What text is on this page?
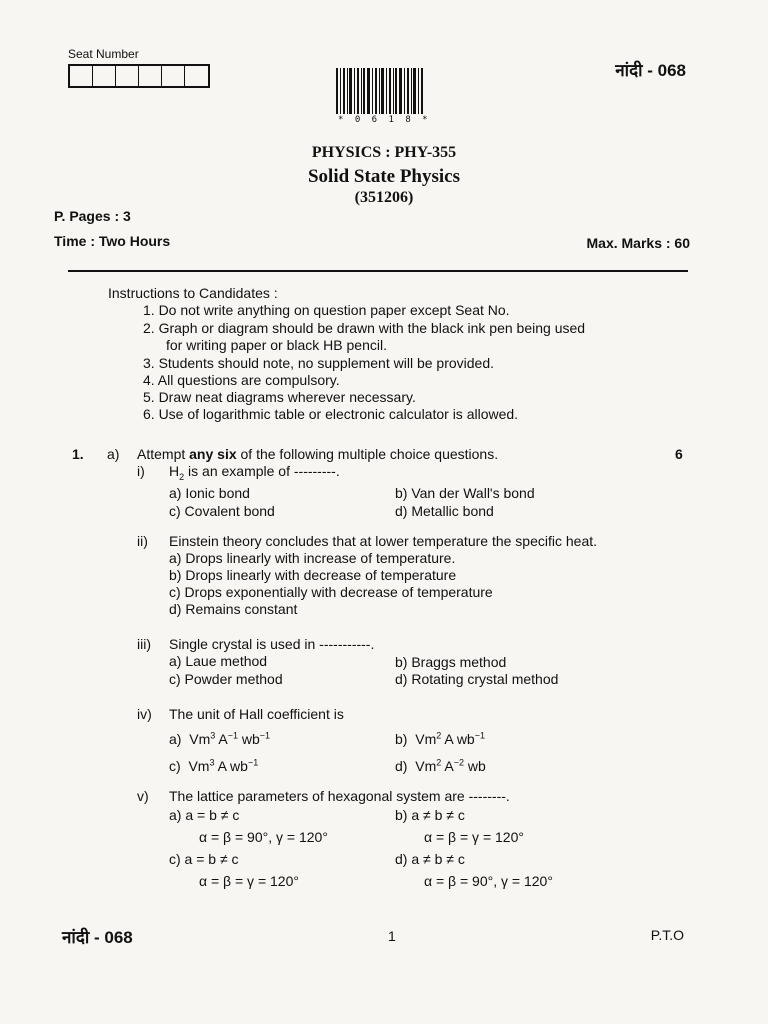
Seat Number
नांदी - 068
* 0 6 1 8 *
PHYSICS : PHY-355
Solid State Physics
(351206)
P. Pages : 3
Time : Two Hours	Max. Marks : 60
Instructions to Candidates :
1. Do not write anything on question paper except Seat No.
2. Graph or diagram should be drawn with the black ink pen being used
for writing paper or black HB pencil.
3. Students should note, no supplement will be provided.
4. All questions are compulsory.
5. Draw neat diagrams wherever necessary.
6. Use of logarithmic table or electronic calculator is allowed.
1. a) Attempt any six of the following multiple choice questions.	6
i) $H_2$ is an example of ---------.
a) Ionic bond	b) Van der Wall's bond
c) Covalent bond	d) Metallic bond
ii) Einstein theory concludes that at lower temperature the specific heat.
a) Drops linearly with increase of temperature.
b) Drops linearly with decrease of temperature
c) Drops exponentially with decrease of temperature
d) Remains constant
iii) Single crystal is used in -----------.
a) Laue method	b) Braggs method
c) Powder method	d) Rotating crystal method
iv) The unit of Hall coefficient is
a) Vm$^3$ $A^{-1}$ $wb^{-1}$	b) Vm$^2$ A $wb^{-1}$
c) Vm$^3$ A $wb^{-1}$	d) Vm$^2$ $A^{-2}$ wb
v) The lattice parameters of hexagonal system are --------.
a) a = b ≠ c
α = β = 90°, γ = 120°
b) a ≠ b ≠ c
α = β = γ = 120°
c) a = b ≠ c
α = β = γ = 120°
d) a ≠ b ≠ c
α = β = 90°, γ = 120°
नांदी - 068	1	P.T.O
